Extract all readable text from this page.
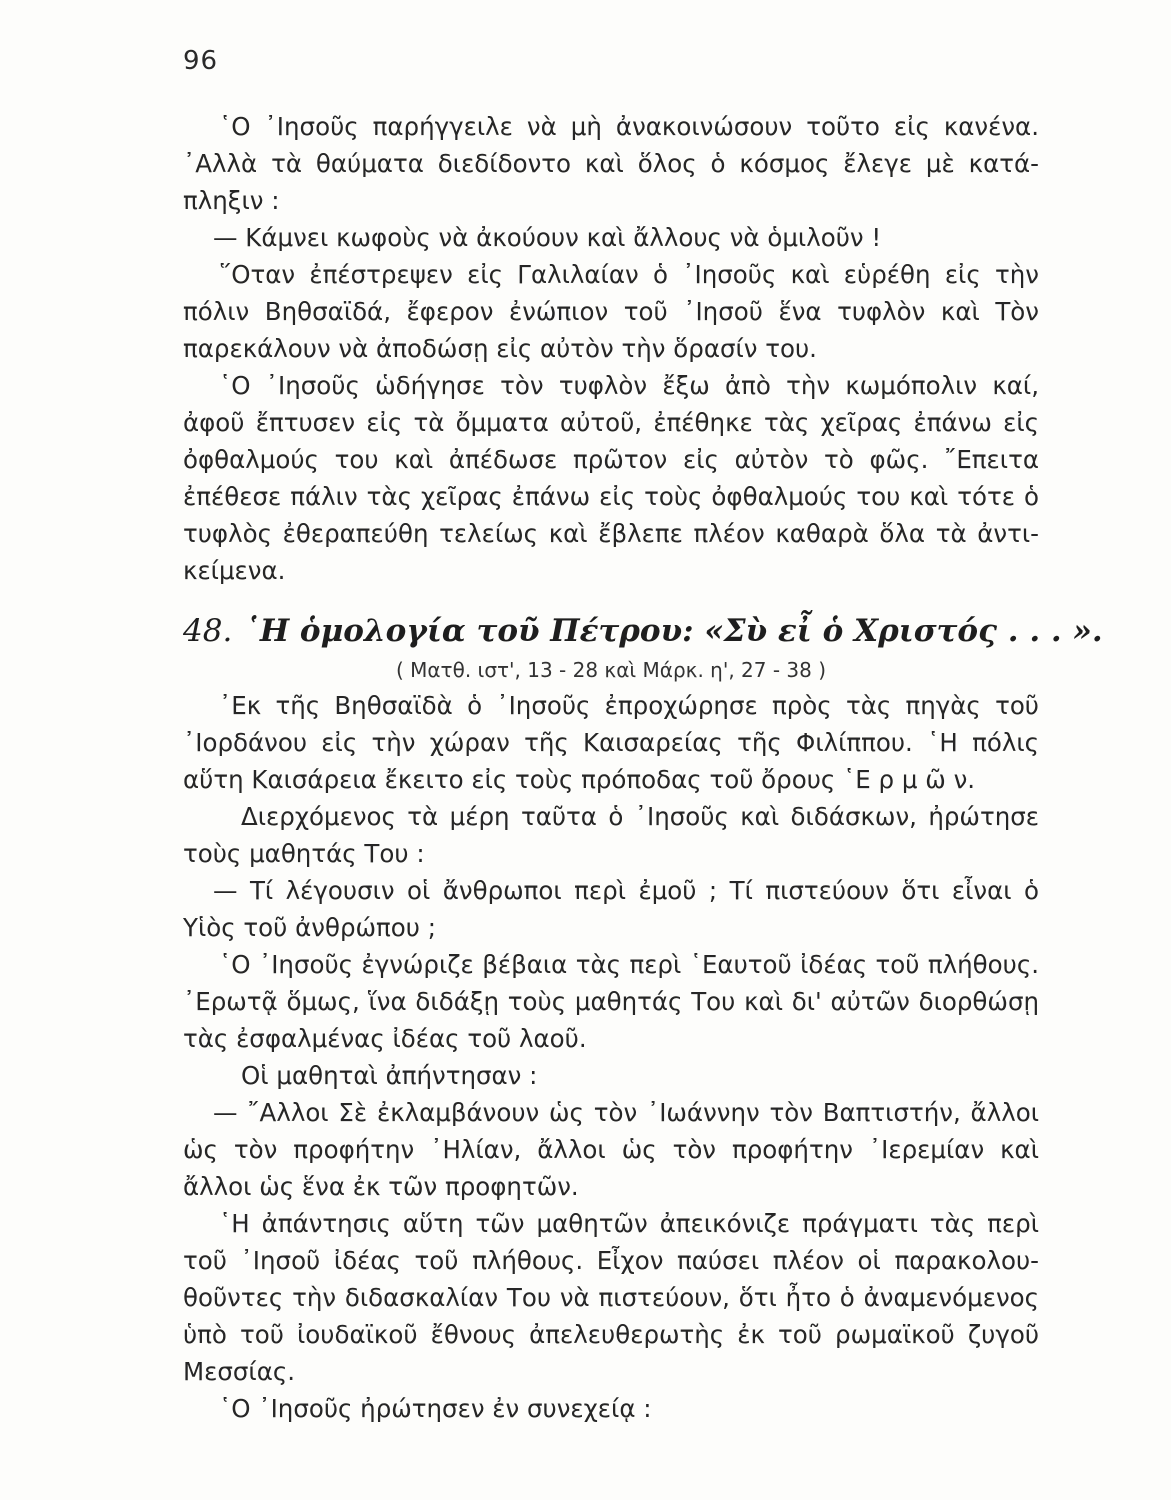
96
῾Ο ᾿Ιησοῦς παρήγγειλε νὰ μὴ ἀνακοινώσουν τοῦτο εἰς κανένα.
᾿Αλλὰ τὰ θαύματα διεδίδοντο καὶ ὅλος ὁ κόσμος ἔλεγε μὲ κατά-
πληξιν :
— Κάμνει κωφοὺς νὰ ἀκούουν καὶ ἄλλους νὰ ὁμιλοῦν !
῞Οταν ἐπέστρεψεν εἰς Γαλιλαίαν ὁ ᾿Ιησοῦς καὶ εὑρέθη εἰς τὴν
πόλιν Βηθσαϊδά, ἔφερον ἐνώπιον τοῦ ᾿Ιησοῦ ἕνα τυφλὸν καὶ Τὸν
παρεκάλουν νὰ ἀποδώσῃ εἰς αὐτὸν τὴν ὅρασίν του.
῾Ο ᾿Ιησοῦς ὡδήγησε τὸν τυφλὸν ἔξω ἀπὸ τὴν κωμόπολιν καί,
ἀφοῦ ἔπτυσεν εἰς τὰ ὄμματα αὐτοῦ, ἐπέθηκε τὰς χεῖρας ἐπάνω εἰς
ὀφθαλμούς του καὶ ἀπέδωσε πρῶτον εἰς αὐτὸν τὸ φῶς. ῎Επειτα
ἐπέθεσε πάλιν τὰς χεῖρας ἐπάνω εἰς τοὺς ὀφθαλμούς του καὶ τότε ὁ
τυφλὸς ἐθεραπεύθη τελείως καὶ ἔβλεπε πλέον καθαρὰ ὅλα τὰ ἀντι-
κείμενα.
48. ῾Η ὁμολογία τοῦ Πέτρου: «Σὺ εἶ ὁ Χριστός . . . ».
( Ματθ. ιστ', 13 - 28 καὶ Μάρκ. η', 27 - 38 )
᾿Εκ τῆς Βηθσαϊδὰ ὁ ᾿Ιησοῦς ἐπροχώρησε πρὸς τὰς πηγὰς τοῦ
᾿Ιορδάνου εἰς τὴν χώραν τῆς Καισαρείας τῆς Φιλίππου. ῾Η πόλις
αὕτη Καισάρεια ἔκειτο εἰς τοὺς πρόποδας τοῦ ὄρους ῾Ε ρ μ ῶ ν.
Διερχόμενος τὰ μέρη ταῦτα ὁ ᾿Ιησοῦς καὶ διδάσκων, ἠρώτησε
τοὺς μαθητάς Του :
— Τί λέγουσιν οἱ ἄνθρωποι περὶ ἐμοῦ ; Τί πιστεύουν ὅτι εἶναι ὁ
Υἱὸς τοῦ ἀνθρώπου ;
῾Ο ᾿Ιησοῦς ἐγνώριζε βέβαια τὰς περὶ ῾Εαυτοῦ ἰδέας τοῦ πλήθους.
᾿Ερωτᾷ ὅμως, ἵνα διδάξῃ τοὺς μαθητάς Του καὶ δι' αὐτῶν διορθώσῃ
τὰς ἐσφαλμένας ἰδέας τοῦ λαοῦ.
Οἱ μαθηταὶ ἀπήντησαν :
— ῎Αλλοι Σὲ ἐκλαμβάνουν ὡς τὸν ᾿Ιωάννην τὸν Βαπτιστήν, ἄλλοι
ὡς τὸν προφήτην ᾿Ηλίαν, ἄλλοι ὡς τὸν προφήτην ᾿Ιερεμίαν καὶ
ἄλλοι ὡς ἕνα ἐκ τῶν προφητῶν.
῾Η ἀπάντησις αὕτη τῶν μαθητῶν ἀπεικόνιζε πράγματι τὰς περὶ
τοῦ ᾿Ιησοῦ ἰδέας τοῦ πλήθους. Εἶχον παύσει πλέον οἱ παρακολου-
θοῦντες τὴν διδασκαλίαν Του νὰ πιστεύουν, ὅτι ἦτο ὁ ἀναμενόμενος
ὑπὸ τοῦ ἰουδαϊκοῦ ἔθνους ἀπελευθερωτὴς ἐκ τοῦ ρωμαϊκοῦ ζυγοῦ
Μεσσίας.
῾Ο ᾿Ιησοῦς ἠρώτησεν ἐν συνεχείᾳ :
